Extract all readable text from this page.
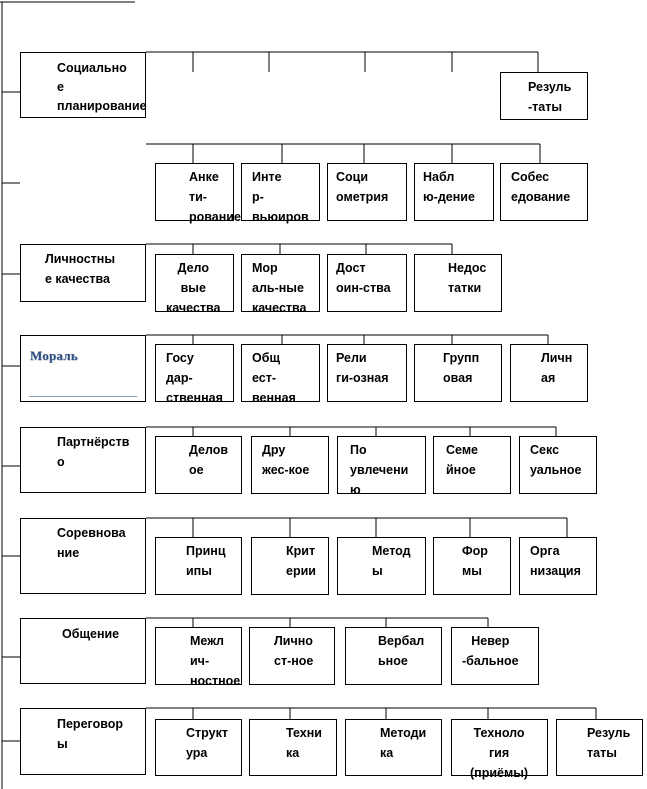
Социально
е
планирование
Резуль
-таты
Анке
ти-
рование
Инте
р-
вьюиров
Соци
ометрия
Набл
ю-дение
Собес
едование
Личностны
е качества
Дело
вые
качества
Мор
аль-ные
качества
Дост
оин-ства
Недос
татки
Мораль	Госу
дар-
ственная
Общ
ест-
венная
Рели
ги-озная
Групп
овая
Личн
ая
Партнёрств
о
Делов
ое
Дру
жес-кое
По
увлечени
ю
Семе
йное
Секс
уальное
Соревнова
ние	Принц
ипы
Крит
ерии
Метод
ы
Фор
мы
Орга
низация
Общение	Межл
ич-
ностное
Лично
ст-ное
Вербал
ьное
Невер
-бальное
Переговор
ы
Структ
ура
Техни
ка
Методи
ка
Техноло
гия
(приёмы)
Резуль
таты
